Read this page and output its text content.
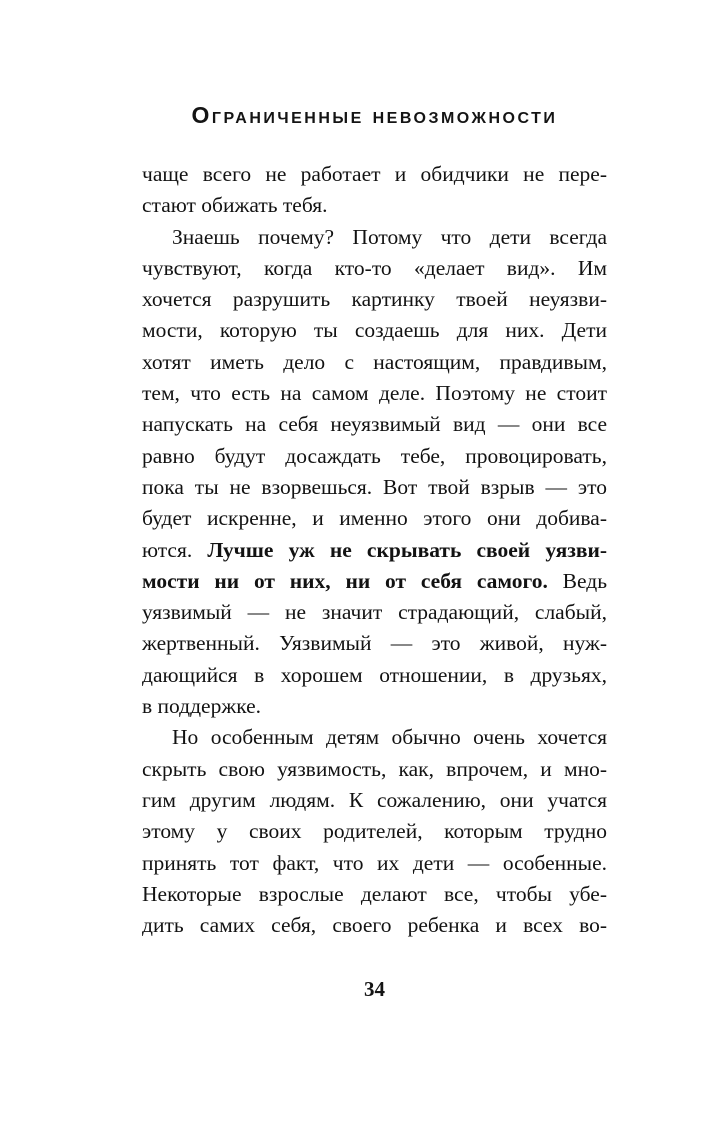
Ограниченные невозможности
чаще всего не работает и обидчики не пере-
стают обижать тебя.
Знаешь почему? Потому что дети всегда
чувствуют, когда кто-то «делает вид». Им
хочется разрушить картинку твоей неуязви-
мости, которую ты создаешь для них. Дети
хотят иметь дело с настоящим, правдивым,
тем, что есть на самом деле. Поэтому не стоит
напускать на себя неуязвимый вид — они все
равно будут досаждать тебе, провоцировать,
пока ты не взорвешься. Вот твой взрыв — это
будет искренне, и именно этого они добива-
ются. Лучше уж не скрывать своей уязви-
мости ни от них, ни от себя самого. Ведь
уязвимый — не значит страдающий, слабый,
жертвенный. Уязвимый — это живой, нуж-
дающийся в хорошем отношении, в друзьях,
в поддержке.
Но особенным детям обычно очень хочется
скрыть свою уязвимость, как, впрочем, и мно-
гим другим людям. К сожалению, они учатся
этому у своих родителей, которым трудно
принять тот факт, что их дети — особенные.
Некоторые взрослые делают все, чтобы убе-
дить самих себя, своего ребенка и всех во-
34
